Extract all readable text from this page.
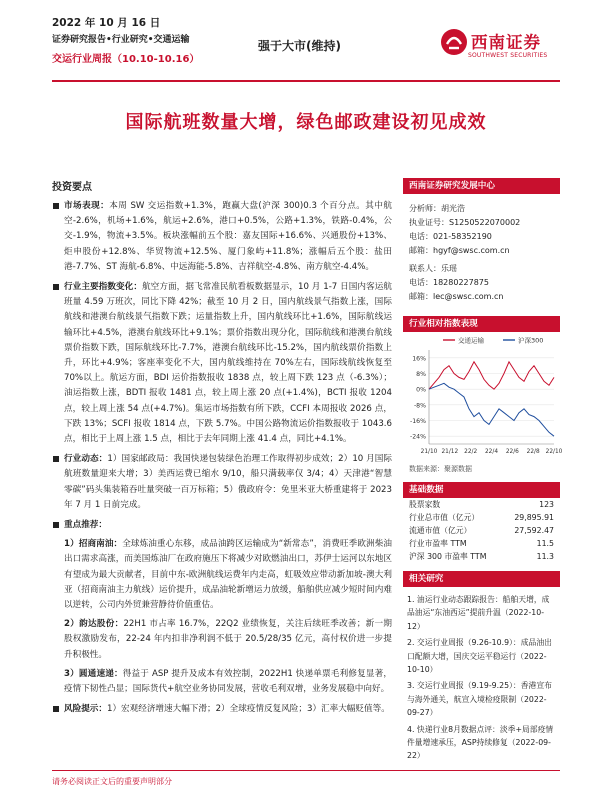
2022 年 10 月 16 日
证券研究报告•行业研究•交通运输
交运行业周报（10.10-10.16）
强于大市(维持)	西南证券
SOUTHWEST SECURITIES
国际航班数量大增，绿色邮政建设初见成效
投资要点
市场表现：本周 SW 交运指数+1.3%，跑赢大盘(沪深 300)0.3 个百分点。其中航空-2.6%，机场+1.6%，航运+2.6%，港口+0.5%，公路+1.3%，铁路-0.4%，公交-1.9%，物流+3.5%。板块涨幅前五个股：嘉友国际+16.6%、兴通股份+13%、炬申股份+12.8%、华贸物流+12.5%、厦门象屿+11.8%；涨幅后五个股：盐田港-7.7%、ST 海航-6.8%、中远海能-5.8%、吉祥航空-4.8%、南方航空-4.4%。
行业主要指数变化：航空方面，据飞常准民航看板数据显示，10 月 1-7 日国内客运航班量 4.59 万班次，同比下降 42%；截至 10 月 2 日，国内航线景气指数上涨，国际航线和港澳台航线景气指数下跌；运量指数上升，国内航线环比+1.6%，国际航线运输环比+4.5%，港澳台航线环比+9.1%；票价指数出现分化，国际航线和港澳台航线票价指数下跌，国际航线环比-7.7%，港澳台航线环比-15.2%，国内航线票价指数上升，环比+4.9%；客座率变化不大，国内航线维持在 70%左右，国际线航线恢复至 70%以上。航运方面，BDI 运价指数报收 1838 点，较上周下跌 123 点（-6.3%）；油运指数上涨，BDTI 报收 1481 点，较上周上涨 20 点(+1.4%)，BCTI 报收 1204 点，较上周上涨 54 点(+4.7%)。集运市场指数有所下跌，CCFI 本周报收 2026 点，下跌 13%；SCFI 报收 1814 点，下跌 5.7%。中国公路物流运价指数报收于 1043.6 点，相比于上周上涨 1.5 点，相比于去年同期上涨 41.4 点，同比+4.1%。
行业动态：1）国家邮政局：我国快递包装绿色治理工作取得初步成效；2）10 月国际航班数量迎来大增；3）美西运费已缩水 9/10，船只满载率仅 3/4；4）天津港“智慧零碳”码头集装箱吞吐量突破一百万标箱；5）俄政府令：免里米亚大桥重建将于 2023 年 7 月 1 日前完成。
重点推荐：
1）招商南油：全球炼油重心东移，成品油跨区运输成为“新常态”，消费旺季欧洲柴油出口需求高涨，而美国炼油厂在政府施压下将减少对欧燃油出口，苏伊士运河以东地区有望成为最大贡献者，目前中东-欧洲航线运费年内走高，虹吸效应带动新加坡-澳大利亚（招商南油主力航线）运价提升，成品油轮新增运力放缓，船舶供应减少短时间内难以逆转，公司内外贸兼营静待价值重估。
2）韵达股份：22H1 市占率 16.7%，22Q2 业绩恢复，关注后续旺季改善；新一期股权激励发布，22-24 年内扣非净利润不低于 20.5/28/35 亿元，高付权价进一步提升积极性。
3）圆通速递：得益于 ASP 提升及成本有效控制，2022H1 快递单票毛利修复显著，疫情下韧性凸显；国际货代+航空业务协同发展，营收毛利双增，业务发展稳中向好。
风险提示：1）宏观经济增速大幅下滑；2）全球疫情反复风险；3）汇率大幅贬值等。
西南证券研究发展中心
分析师：胡光浩
执业证号：S1250522070002
电话：021-58352190
邮箱：hgyf@swsc.com.cn
联系人：乐瑶
电话：18280227875
邮箱：lec@swsc.com.cn
行业相对指数表现
16%
8%
0%
-8%
-16%
-24%
21/10 21/12 22/2 22/4 22/6 22/8 22/10
交通运输	沪深300
数据来源：聚源数据
基础数据
股票家数	123
行业总市值（亿元）	29,895.91
流通市值（亿元）	27,592.47
行业市盈率 TTM	11.5
沪深 300 市盈率 TTM	11.3
相关研究
1. 油运行业动态跟踪报告：船舶天增，成品油运“东油西运”提前升温（2022-10-12）
2. 交运行业周报（9.26-10.9）：成品油出口配额大增，国庆交运平稳运行（2022-10-10）
3. 交运行业周报（9.19-9.25）：香港宣布与海外通关，航宣入境检疫限制（2022-09-27）
4. 快递行业8月数据点评：淡季+局部疫情件量增速承压，ASP持续修复（2022-09-22）
请务必阅读正文后的重要声明部分
